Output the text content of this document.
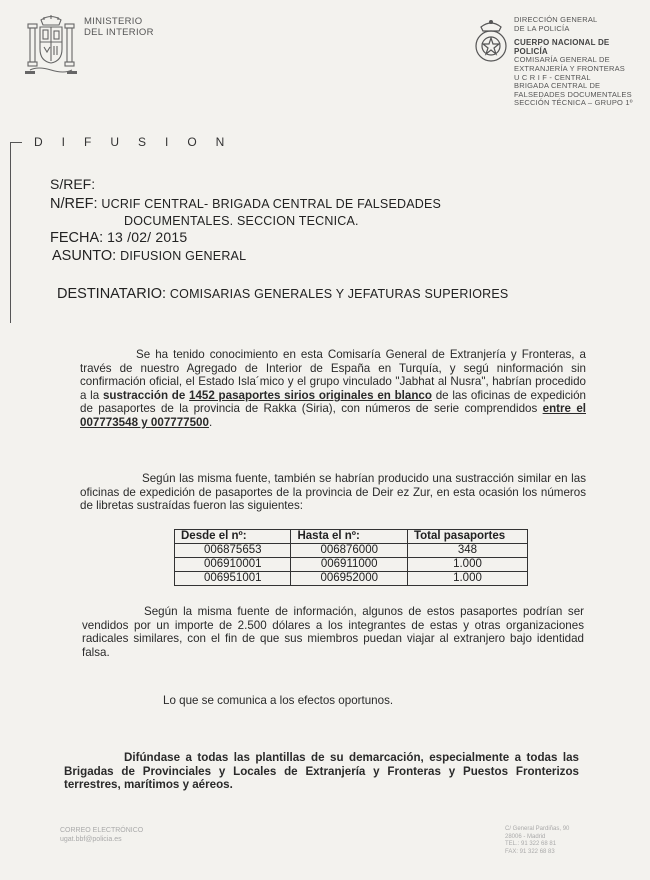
MINISTERIO
DEL INTERIOR
DIRECCIÓN GENERAL
DE LA POLICÍA
CUERPO NACIONAL DE POLICÍA
COMISARÍA GENERAL DE
EXTRANJERÍA Y FRONTERAS
U C R I F - CENTRAL
BRIGADA CENTRAL DE
FALSEDADES DOCUMENTALES
SECCIÓN TÉCNICA – GRUPO 1º
DIFUSION
S/REF:
N/REF: UCRIF CENTRAL- BRIGADA CENTRAL DE FALSEDADES
DOCUMENTALES. SECCION TECNICA.
FECHA: 13 /02/ 2015
ASUNTO: DIFUSION GENERAL
DESTINATARIO: COMISARIAS GENERALES Y JEFATURAS SUPERIORES
Se ha tenido conocimiento en esta Comisaría General de Extranjería y Fronteras, a través de nuestro Agregado de Interior de España en Turquía, y segú ninformación sin confirmación oficial, el Estado Isla´mico y el grupo vinculado "Jabhat al Nusra", habrían procedido a la sustracción de 1452 pasaportes sirios originales en blanco de las oficinas de expedición de pasaportes de la provincia de Rakka (Siria), con números de serie comprendidos entre el 007773548 y 007777500.
Según las misma fuente, también se habrían producido una sustracción similar en las oficinas de expedición de pasaportes de la provincia de Deir ez Zur, en esta ocasión los números de libretas sustraídas fueron las siguientes:
Desde el nº:	Hasta el nº:	Total pasaportes
006875653	006876000	348
006910001	006911000	1.000
006951001	006952000	1.000
Según la misma fuente de información, algunos de estos pasaportes podrían ser vendidos por un importe de 2.500 dólares a los integrantes de estas y otras organizaciones radicales similares, con el fin de que sus miembros puedan viajar al extranjero bajo identidad falsa.
Lo que se comunica a los efectos oportunos.
Difúndase a todas las plantillas de su demarcación, especialmente a todas las Brigadas de Provinciales y Locales de Extranjería y Fronteras y Puestos Fronterizos terrestres, marítimos y aéreos.
CORREO ELECTRÓNICO
ugat.bbf@policia.es
C/ General Pardiñas, 90
28006 - Madrid
TEL.: 91 322 68 81
FAX: 91 322 68 83
